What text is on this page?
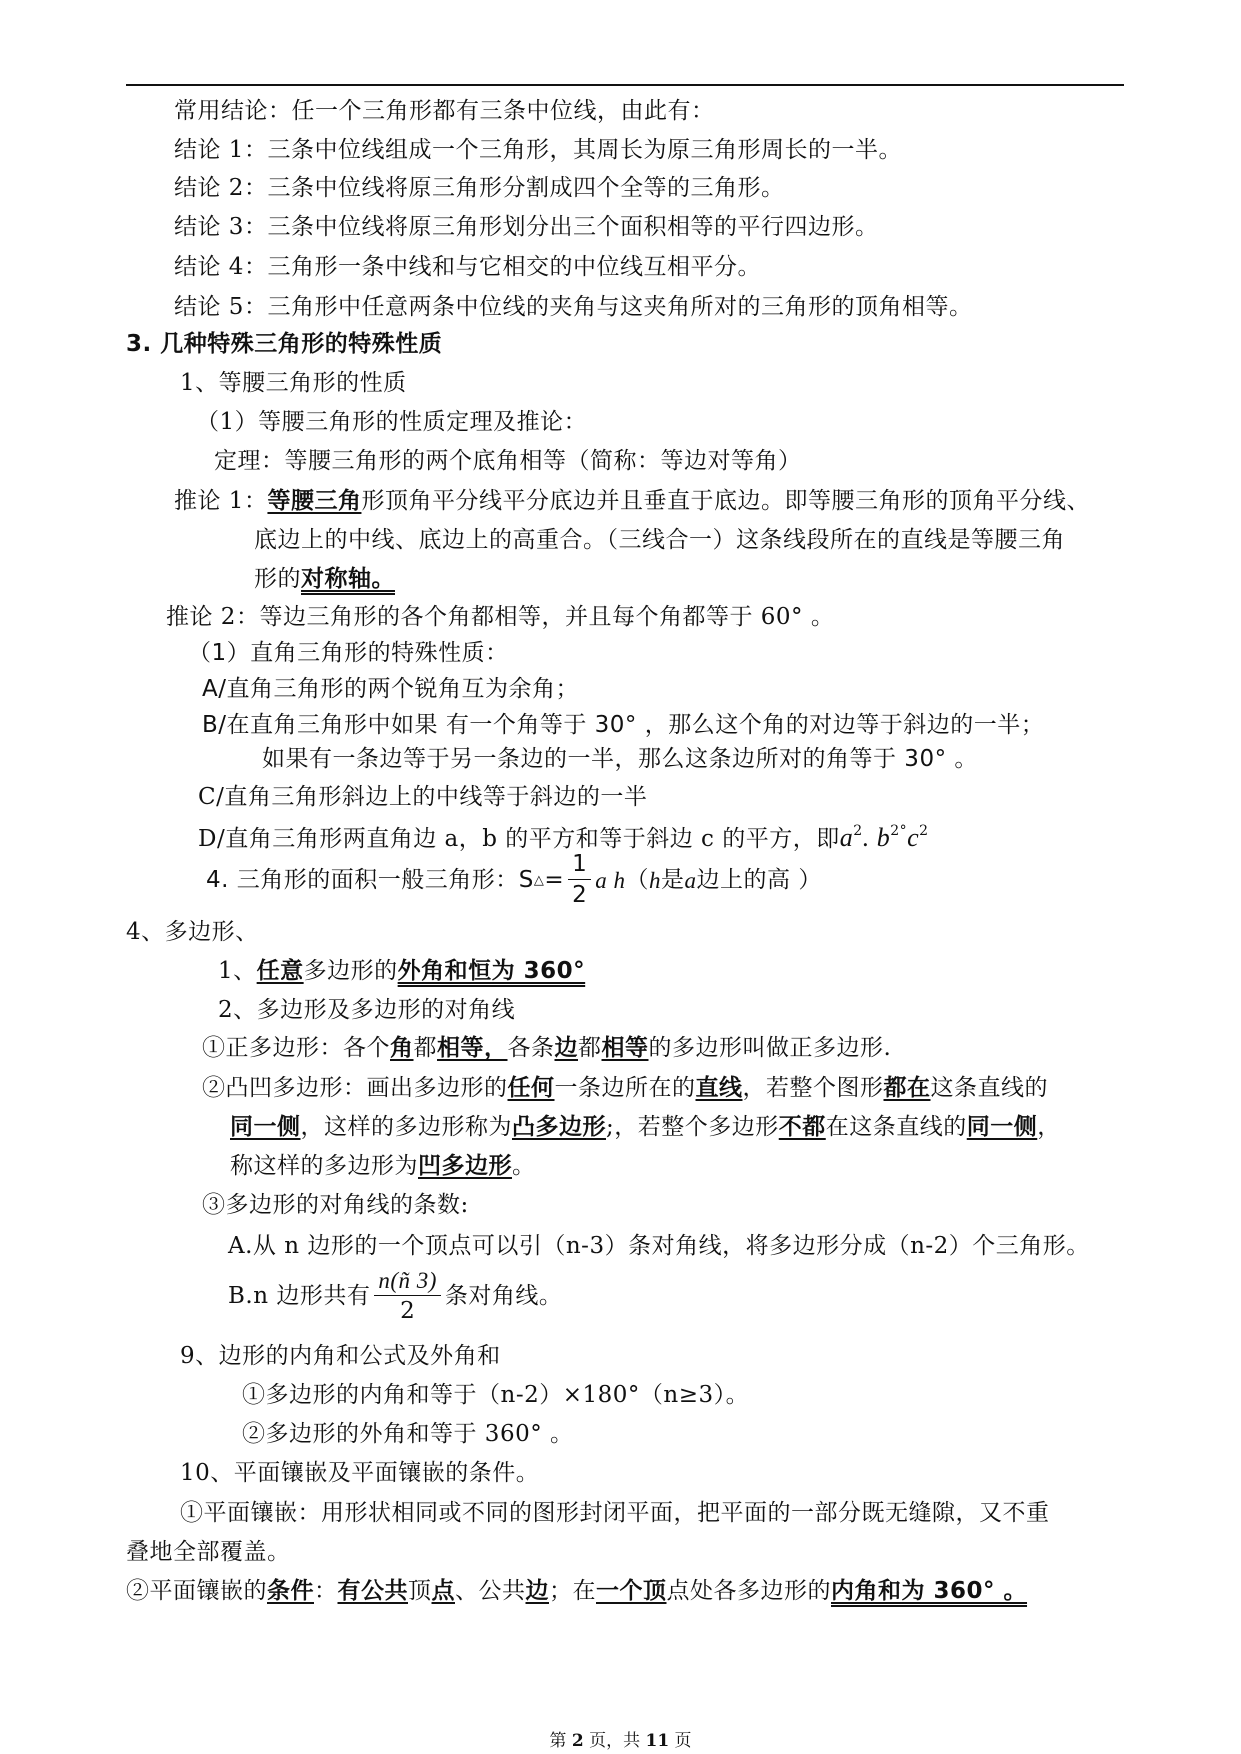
常用结论：任一个三角形都有三条中位线，由此有：
结论 1：三条中位线组成一个三角形，其周长为原三角形周长的一半。
结论 2：三条中位线将原三角形分割成四个全等的三角形。
结论 3：三条中位线将原三角形划分出三个面积相等的平行四边形。
结论 4：三角形一条中线和与它相交的中位线互相平分。
结论 5：三角形中任意两条中位线的夹角与这夹角所对的三角形的顶角相等。
3. 几种特殊三角形的特殊性质
1、等腰三角形的性质
（1）等腰三角形的性质定理及推论：
定理：等腰三角形的两个底角相等（简称：等边对等角）
推论 1：等腰三角形顶角平分线平分底边并且垂直于底边。即等腰三角形的顶角平分线、
底边上的中线、底边上的高重合。（三线合一）这条线段所在的直线是等腰三角
形的对称轴。
推论 2：等边三角形的各个角都相等，并且每个角都等于 60° 。
（1）直角三角形的特殊性质：
A/直角三角形的两个锐角互为余角；
B/在直角三角形中如果 有一个角等于 30° ，那么这个角的对边等于斜边的一半；
如果有一条边等于另一条边的一半，那么这条边所对的角等于 30° 。
C/直角三角形斜边上的中线等于斜边的一半
D/直角三角形两直角边 a，b 的平方和等于斜边 c 的平方，即$a^2$. $b^{2^\circ}c^2$
4. 三角形的面积一般三角形：S △ = $\frac{1}{2}$ a h （ h 是 a 边上的高 ）
4、多边形、
1、任意多边形的外角和恒为 360°
2、多边形及多边形的对角线
①正多边形：各个角都相等，各条边都相等的多边形叫做正多边形.
②凸凹多边形：画出多边形的任何一条边所在的直线，若整个图形都在这条直线的
同一侧，这样的多边形称为凸多边形;，若整个多边形不都在这条直线的同一侧，
称这样的多边形为凹多边形。
③多边形的对角线的条数:
A.从 n 边形的一个顶点可以引（n-3）条对角线，将多边形分成（n-2）个三角形。
B.n 边形共有 $\frac{n(ñ 3)}{2}$ 条对角线。
9、边形的内角和公式及外角和
①多边形的内角和等于（n-2）×180°（n≥3）。
②多边形的外角和等于 360° 。
10、平面镶嵌及平面镶嵌的条件。
①平面镶嵌：用形状相同或不同的图形封闭平面，把平面的一部分既无缝隙，又不重
叠地全部覆盖。
②平面镶嵌的条件：有公共顶点、公共边；在一个顶点处各多边形的内角和为 360° 。
第 2 页，共 11 页
